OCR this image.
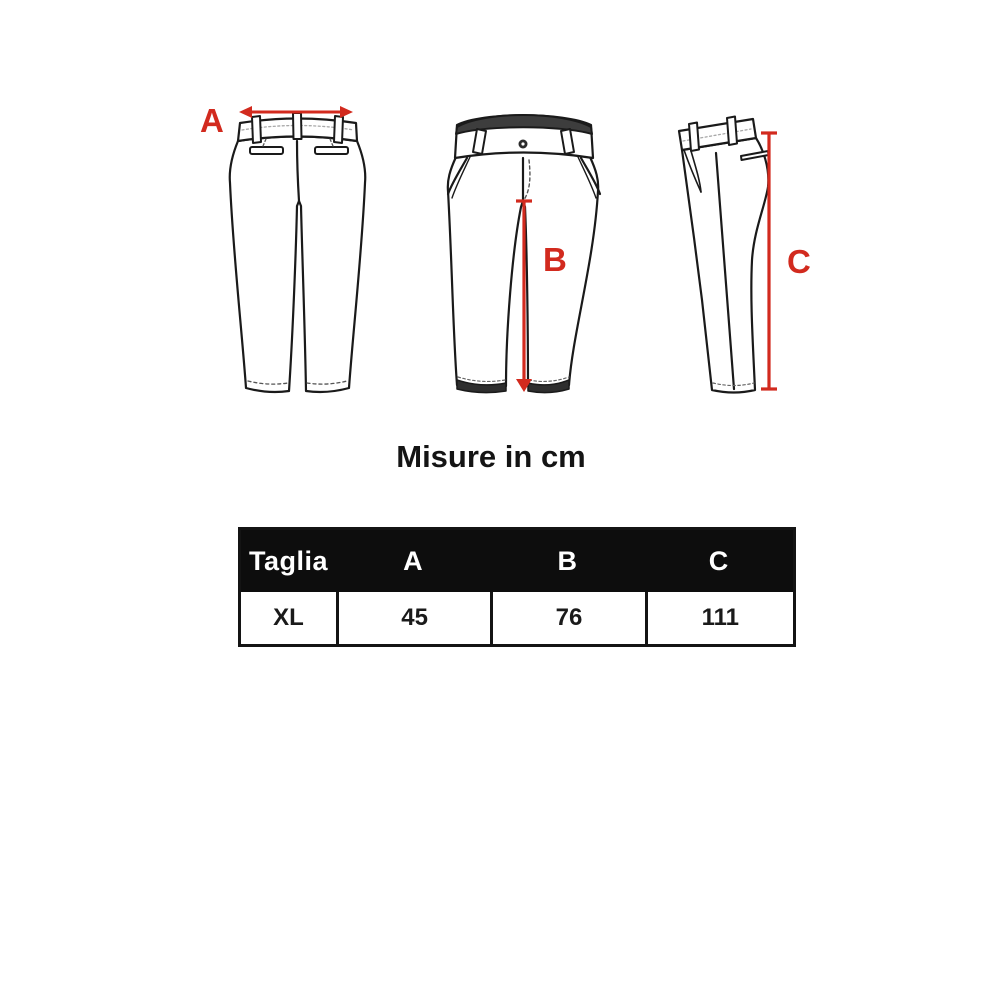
A
B	C
Misure in cm
Taglia	A	B	C
XL	45	76	111
